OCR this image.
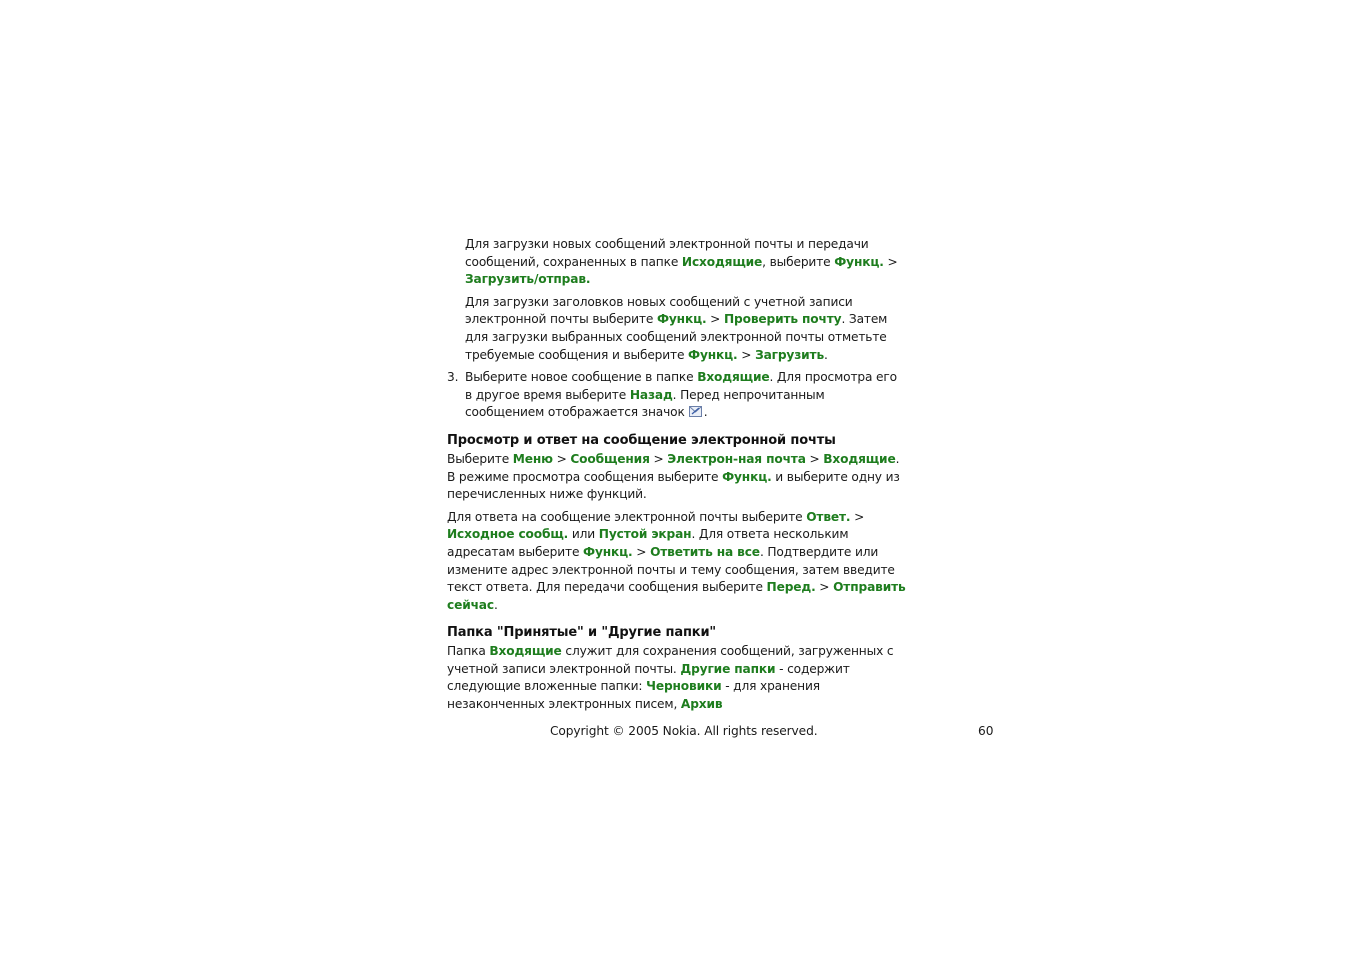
Для загрузки новых сообщений электронной почты и передачи сообщений, сохраненных в папке Исходящие, выберите Функц. > Загрузить/отправ.

Для загрузки заголовков новых сообщений с учетной записи электронной почты выберите Функц. > Проверить почту. Затем для загрузки выбранных сообщений электронной почты отметьте требуемые сообщения и выберите Функц. > Загрузить.

3. Выберите новое сообщение в папке Входящие. Для просмотра его в другое время выберите Назад. Перед непрочитанным сообщением отображается значок .

Просмотр и ответ на сообщение электронной почты

Выберите Меню > Сообщения > Электрон-ная почта > Входящие. В режиме просмотра сообщения выберите Функц. и выберите одну из перечисленных ниже функций.

Для ответа на сообщение электронной почты выберите Ответ. > Исходное сообщ. или Пустой экран. Для ответа нескольким адресатам выберите Функц. > Ответить на все. Подтвердите или измените адрес электронной почты и тему сообщения, затем введите текст ответа. Для передачи сообщения выберите Перед. > Отправить сейчас.

Папка "Принятые" и "Другие папки"

Папка Входящие служит для сохранения сообщений, загруженных с учетной записи электронной почты. Другие папки - содержит следующие вложенные папки: Черновики - для хранения незаконченных электронных писем, Архив

Copyright © 2005 Nokia. All rights reserved.	60
